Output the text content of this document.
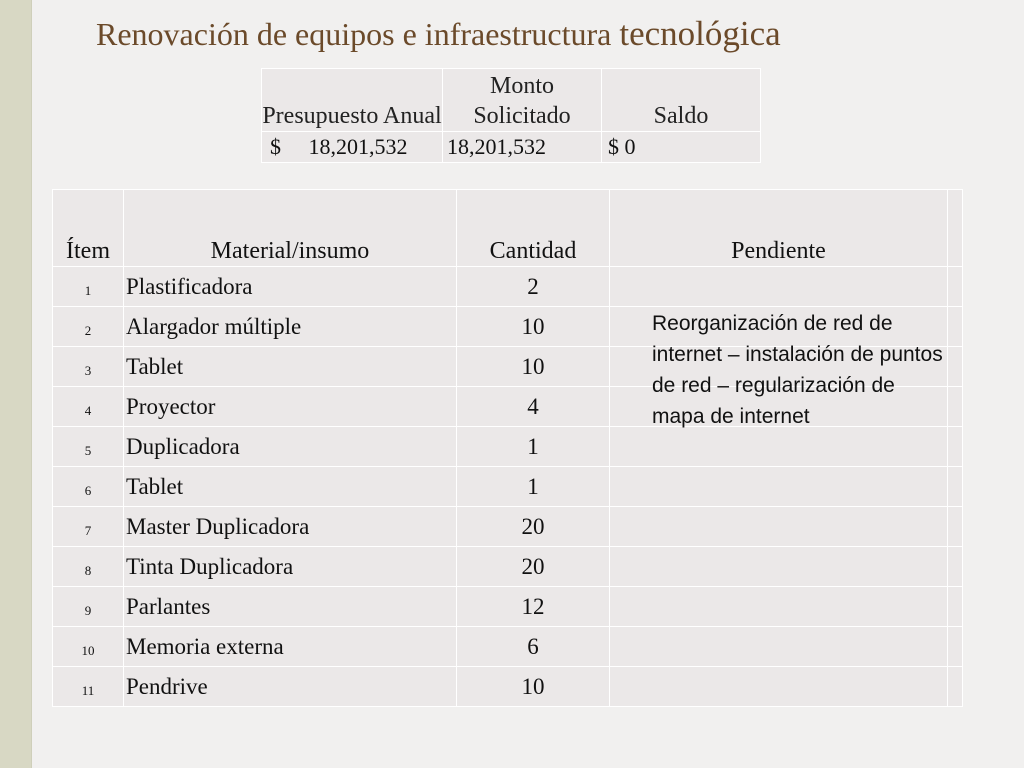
Renovación de equipos e infraestructura tecnológica
Presupuesto Anual	Monto Solicitado	Saldo
$     18,201,532	18,201,532	$ 0
Ítem	Material/insumo	Cantidad	Pendiente	
1	Plastificadora	2		
2	Alargador múltiple	10		
3	Tablet	10		
4	Proyector	4		
5	Duplicadora	1		
6	Tablet	1		
7	Master Duplicadora	20		
8	Tinta Duplicadora	20		
9	Parlantes	12		
10	Memoria externa	6		
11	Pendrive	10		
Reorganización de red de internet – instalación de puntos de red – regularización de mapa de internet
